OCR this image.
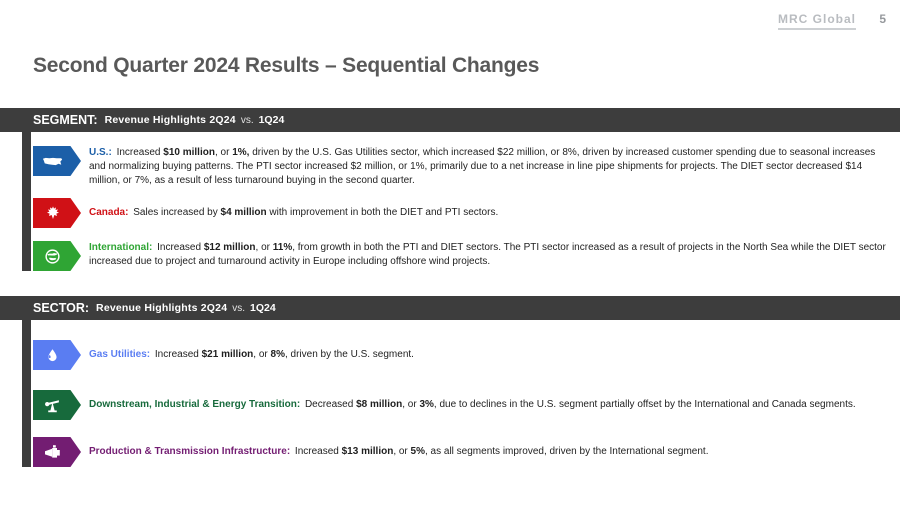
MRC Global 5
Second Quarter 2024 Results – Sequential Changes
SEGMENT: Revenue Highlights 2Q24 vs. 1Q24
U.S.: Increased $10 million, or 1%, driven by the U.S. Gas Utilities sector, which increased $22 million, or 8%, driven by increased customer spending due to seasonal increases and normalizing buying patterns. The PTI sector increased $2 million, or 1%, primarily due to a net increase in line pipe shipments for projects. The DIET sector decreased $14 million, or 7%, as a result of less turnaround buying in the second quarter.
Canada: Sales increased by $4 million with improvement in both the DIET and PTI sectors.
International: Increased $12 million, or 11%, from growth in both the PTI and DIET sectors. The PTI sector increased as a result of projects in the North Sea while the DIET sector increased due to project and turnaround activity in Europe including offshore wind projects.
SECTOR: Revenue Highlights 2Q24 vs. 1Q24
Gas Utilities: Increased $21 million, or 8%, driven by the U.S. segment.
Downstream, Industrial & Energy Transition: Decreased $8 million, or 3%, due to declines in the U.S. segment partially offset by the International and Canada segments.
Production & Transmission Infrastructure: Increased $13 million, or 5%, as all segments improved, driven by the International segment.
